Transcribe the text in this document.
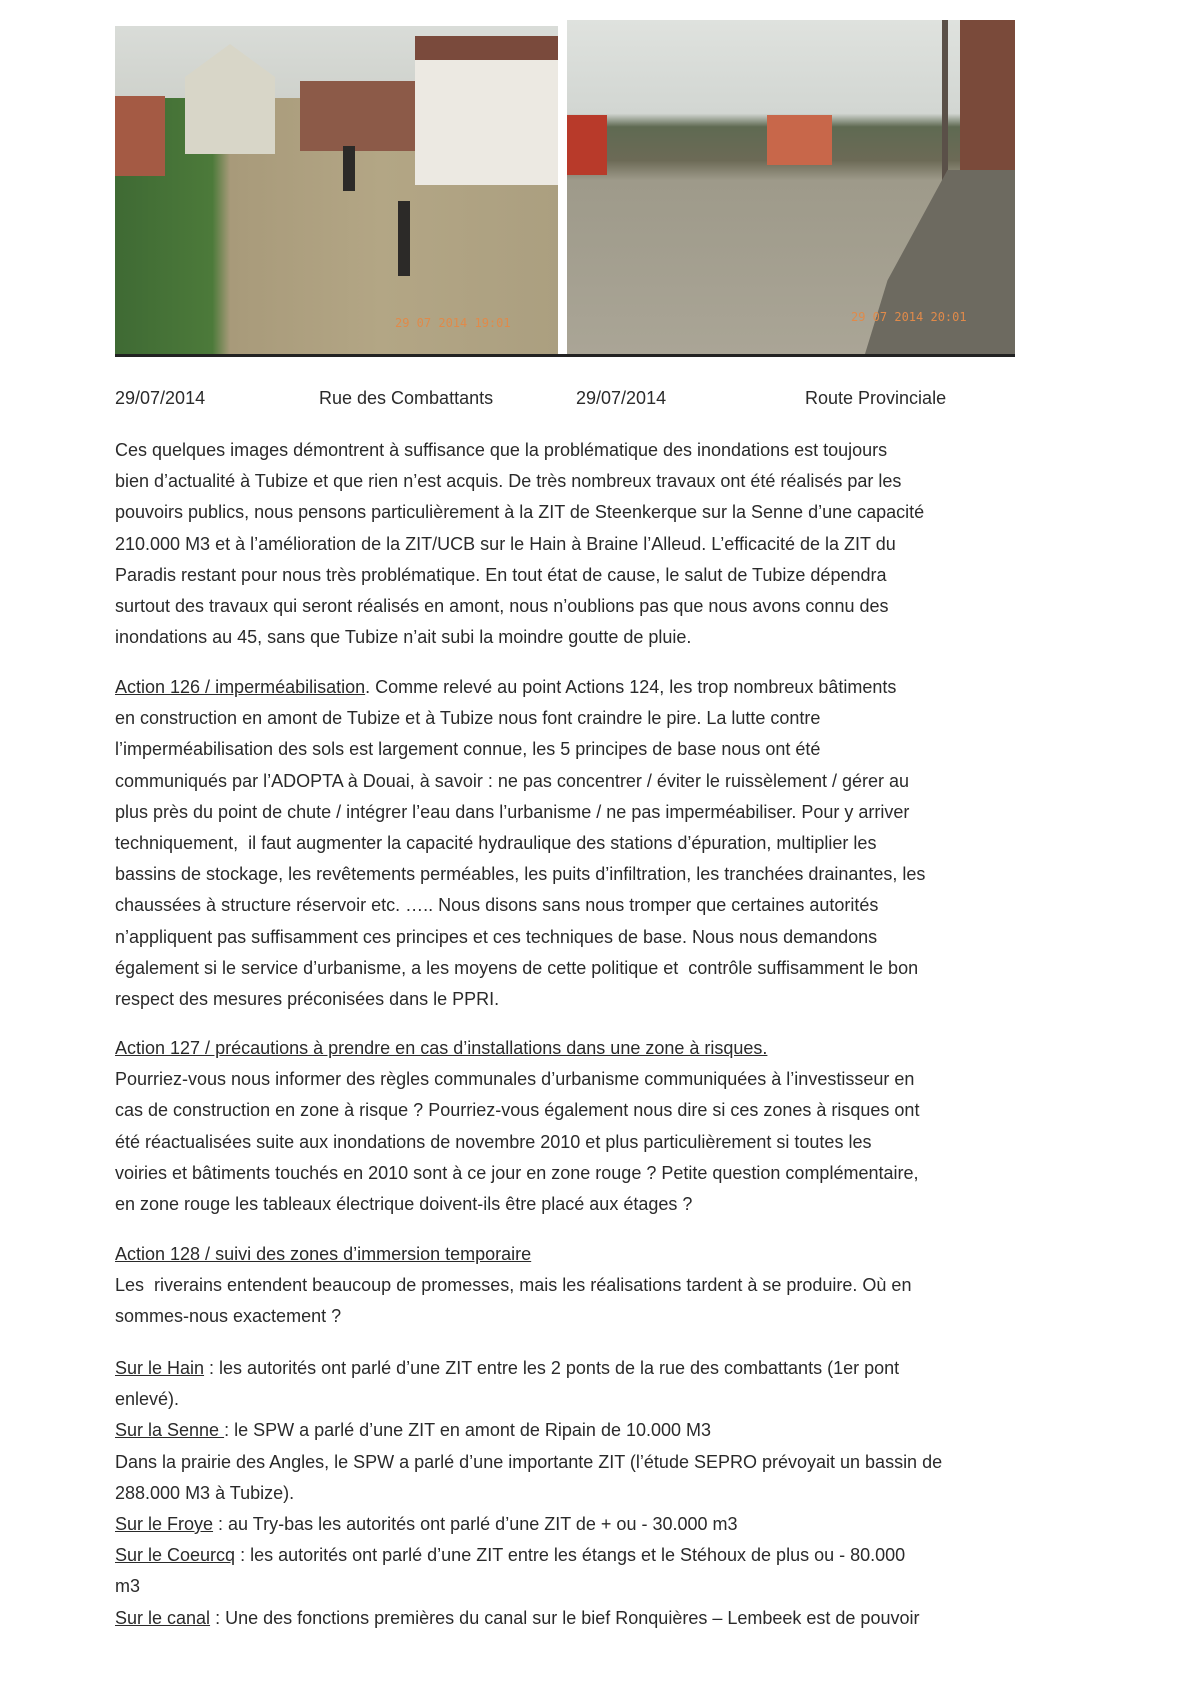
29 07 2014 19:01	29 07 2014 20:01
29/07/2014	Rue des Combattants	29/07/2014	Route Provinciale
Ces quelques images démontrent à suffisance que la problématique des inondations est toujours
bien d’actualité à Tubize et que rien n’est acquis. De très nombreux travaux ont été réalisés par les
pouvoirs publics, nous pensons particulièrement à la ZIT de Steenkerque sur la Senne d’une capacité
210.000 M3 et à l’amélioration de la ZIT/UCB sur le Hain à Braine l’Alleud. L’efficacité de la ZIT du
Paradis restant pour nous très problématique. En tout état de cause, le salut de Tubize dépendra
surtout des travaux qui seront réalisés en amont, nous n’oublions pas que nous avons connu des
inondations au 45, sans que Tubize n’ait subi la moindre goutte de pluie.
Action 126 / imperméabilisation. Comme relevé au point Actions 124, les trop nombreux bâtiments
en construction en amont de Tubize et à Tubize nous font craindre le pire. La lutte contre
l’imperméabilisation des sols est largement connue, les 5 principes de base nous ont été
communiqués par l’ADOPTA à Douai, à savoir : ne pas concentrer / éviter le ruissèlement / gérer au
plus près du point de chute / intégrer l’eau dans l’urbanisme / ne pas imperméabiliser. Pour y arriver
techniquement,  il faut augmenter la capacité hydraulique des stations d’épuration, multiplier les
bassins de stockage, les revêtements perméables, les puits d’infiltration, les tranchées drainantes, les
chaussées à structure réservoir etc. ….. Nous disons sans nous tromper que certaines autorités
n’appliquent pas suffisamment ces principes et ces techniques de base. Nous nous demandons
également si le service d’urbanisme, a les moyens de cette politique et  contrôle suffisamment le bon
respect des mesures préconisées dans le PPRI.
Action 127 / précautions à prendre en cas d’installations dans une zone à risques.
Pourriez-vous nous informer des règles communales d’urbanisme communiquées à l’investisseur en
cas de construction en zone à risque ? Pourriez-vous également nous dire si ces zones à risques ont
été réactualisées suite aux inondations de novembre 2010 et plus particulièrement si toutes les
voiries et bâtiments touchés en 2010 sont à ce jour en zone rouge ? Petite question complémentaire,
en zone rouge les tableaux électrique doivent-ils être placé aux étages ?
Action 128 / suivi des zones d’immersion temporaire
Les  riverains entendent beaucoup de promesses, mais les réalisations tardent à se produire. Où en
sommes-nous exactement ?
Sur le Hain : les autorités ont parlé d’une ZIT entre les 2 ponts de la rue des combattants (1er pont
enlevé).
Sur la Senne : le SPW a parlé d’une ZIT en amont de Ripain de 10.000 M3
Dans la prairie des Angles, le SPW a parlé d’une importante ZIT (l’étude SEPRO prévoyait un bassin de
288.000 M3 à Tubize).
Sur le Froye : au Try-bas les autorités ont parlé d’une ZIT de + ou - 30.000 m3
Sur le Coeurcq : les autorités ont parlé d’une ZIT entre les étangs et le Stéhoux de plus ou - 80.000
m3
Sur le canal : Une des fonctions premières du canal sur le bief Ronquières – Lembeek est de pouvoir
